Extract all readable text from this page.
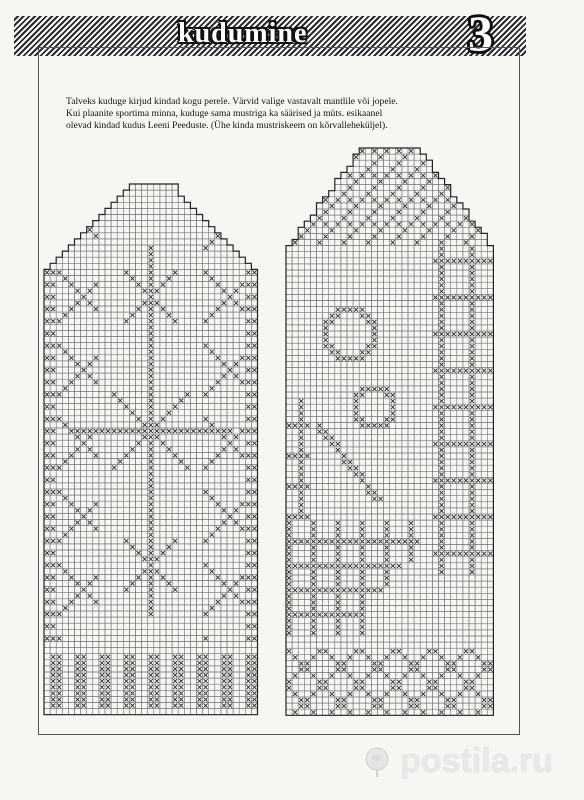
kudumine	3
Talveks kuduge kirjud kindad kogu perele. Värvid valige vastavalt mantlile või jopele.
Kui plaanite sportima minna, kuduge sama mustriga ka säärised ja müts. esikaanel
olevad kindad kudus Leeni Peeduste. (Ühe kinda mustriskeem on kõrvalleheküljel).
postila.ru
